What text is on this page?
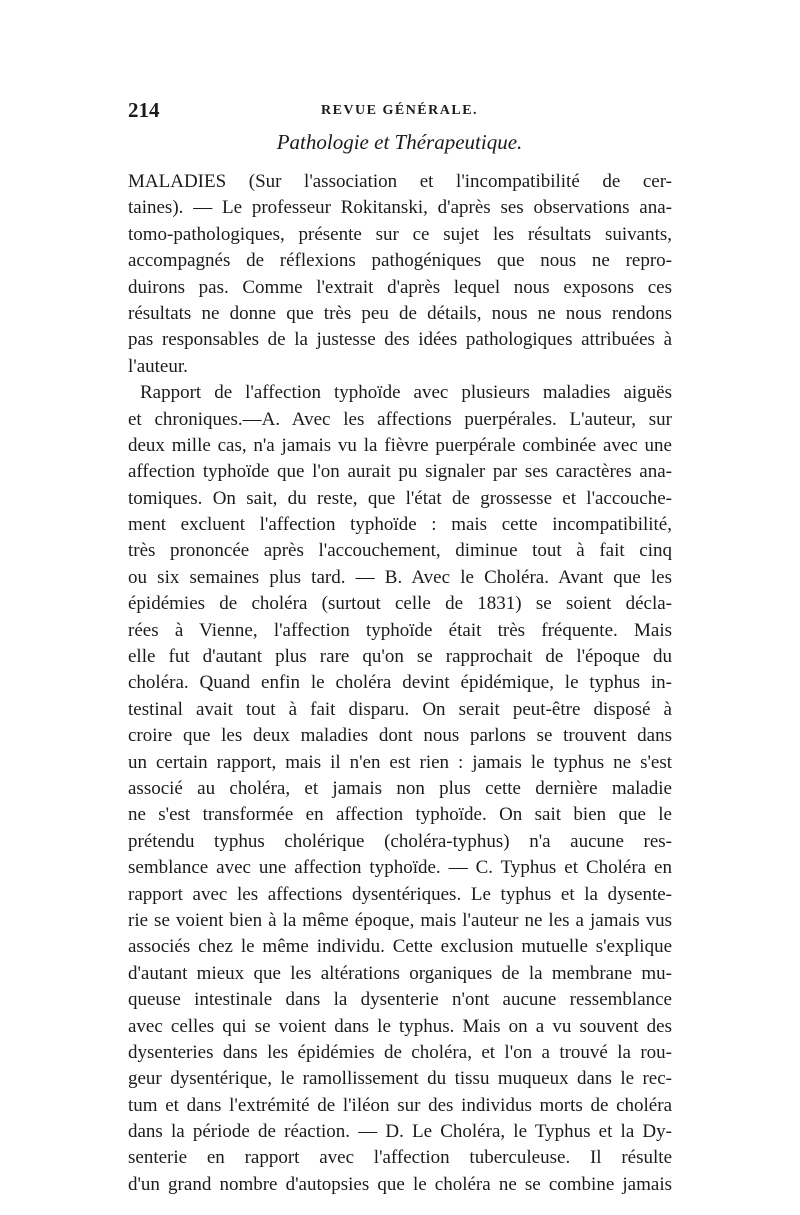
214	REVUE GÉNÉRALE.
Pathologie et Thérapeutique.
MALADIES (Sur l'association et l'incompatibilité de cer-
taines). — Le professeur Rokitanski, d'après ses observations ana-
tomo-pathologiques, présente sur ce sujet les résultats suivants,
accompagnés de réflexions pathogéniques que nous ne repro-
duirons pas. Comme l'extrait d'après lequel nous exposons ces
résultats ne donne que très peu de détails, nous ne nous rendons
pas responsables de la justesse des idées pathologiques attribuées à
l'auteur.
Rapport de l'affection typhoïde avec plusieurs maladies aiguës
et chroniques.—A. Avec les affections puerpérales. L'auteur, sur
deux mille cas, n'a jamais vu la fièvre puerpérale combinée avec une
affection typhoïde que l'on aurait pu signaler par ses caractères ana-
tomiques. On sait, du reste, que l'état de grossesse et l'accouche-
ment excluent l'affection typhoïde : mais cette incompatibilité,
très prononcée après l'accouchement, diminue tout à fait cinq
ou six semaines plus tard. — B. Avec le Choléra. Avant que les
épidémies de choléra (surtout celle de 1831) se soient décla-
rées à Vienne, l'affection typhoïde était très fréquente. Mais
elle fut d'autant plus rare qu'on se rapprochait de l'époque du
choléra. Quand enfin le choléra devint épidémique, le typhus in-
testinal avait tout à fait disparu. On serait peut-être disposé à
croire que les deux maladies dont nous parlons se trouvent dans
un certain rapport, mais il n'en est rien : jamais le typhus ne s'est
associé au choléra, et jamais non plus cette dernière maladie
ne s'est transformée en affection typhoïde. On sait bien que le
prétendu typhus cholérique (choléra-typhus) n'a aucune res-
semblance avec une affection typhoïde. — C. Typhus et Choléra en
rapport avec les affections dysentériques. Le typhus et la dysente-
rie se voient bien à la même époque, mais l'auteur ne les a jamais vus
associés chez le même individu. Cette exclusion mutuelle s'explique
d'autant mieux que les altérations organiques de la membrane mu-
queuse intestinale dans la dysenterie n'ont aucune ressemblance
avec celles qui se voient dans le typhus. Mais on a vu souvent des
dysenteries dans les épidémies de choléra, et l'on a trouvé la rou-
geur dysentérique, le ramollissement du tissu muqueux dans le rec-
tum et dans l'extrémité de l'iléon sur des individus morts de choléra
dans la période de réaction. — D. Le Choléra, le Typhus et la Dy-
senterie en rapport avec l'affection tuberculeuse. Il résulte
d'un grand nombre d'autopsies que le choléra ne se combine jamais
